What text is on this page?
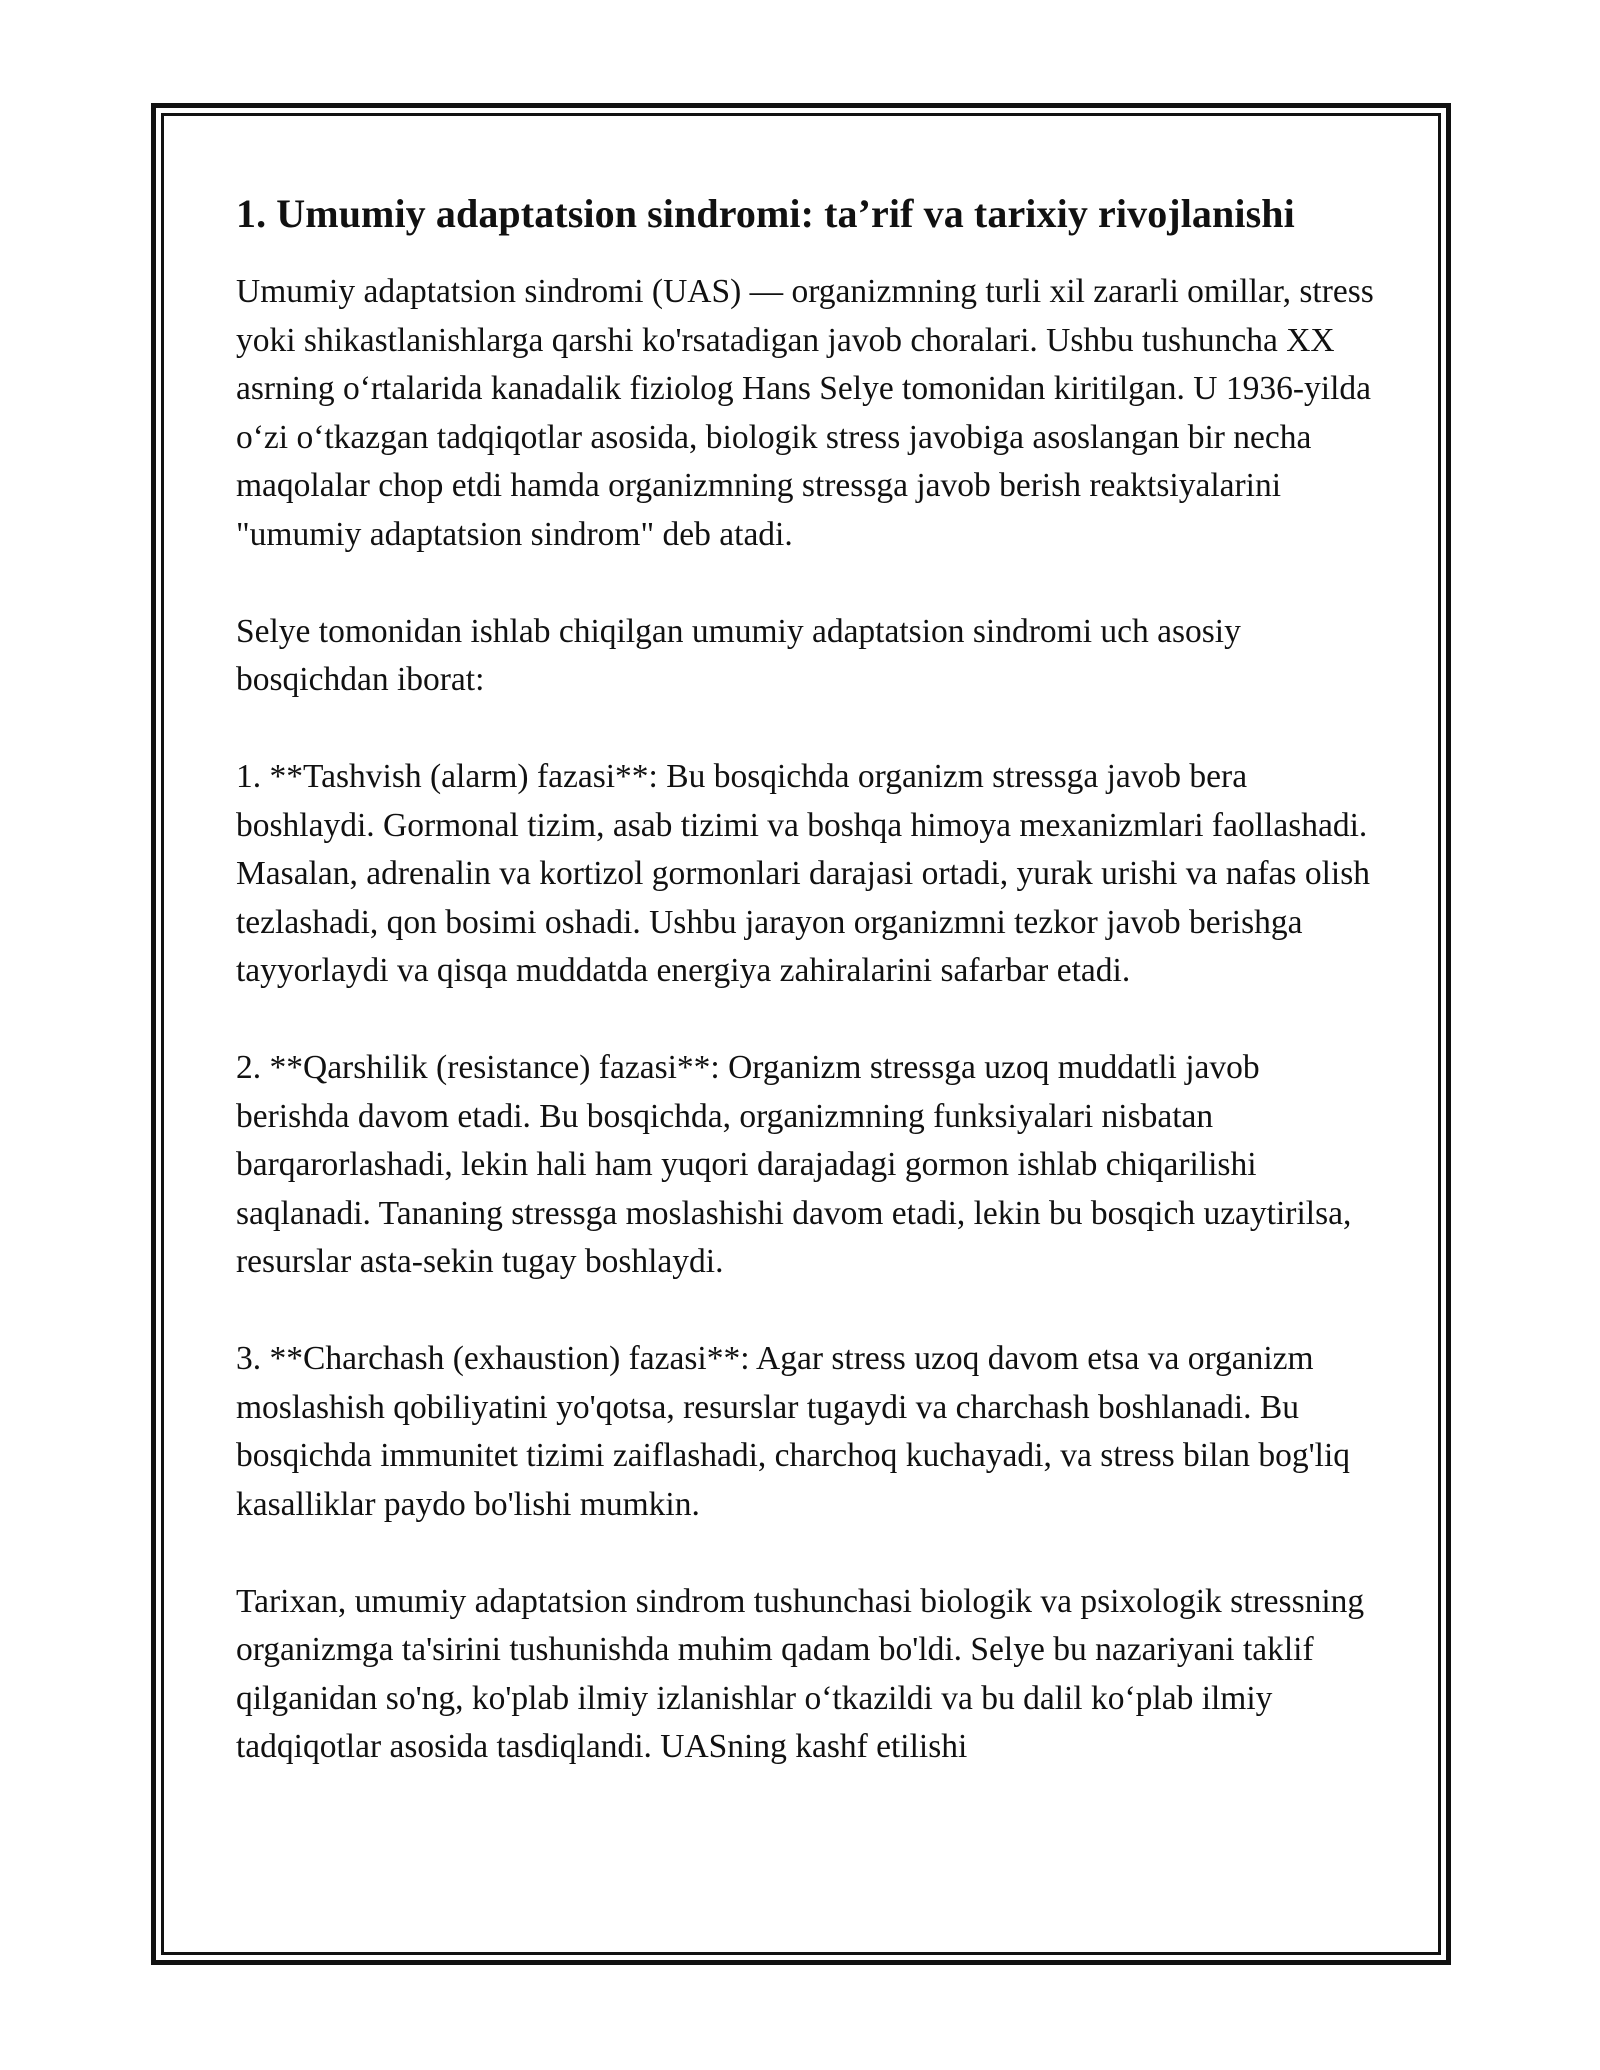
1. Umumiy adaptatsion sindromi: ta’rif va tarixiy rivojlanishi

Umumiy adaptatsion sindromi (UAS) — organizmning turli xil zararli omillar, stress yoki shikastlanishlarga qarshi ko'rsatadigan javob choralari. Ushbu tushuncha XX asrning oʻrtalarida kanadalik fiziolog Hans Selye tomonidan kiritilgan. U 1936-yilda oʻzi oʻtkazgan tadqiqotlar asosida, biologik stress javobiga asoslangan bir necha maqolalar chop etdi hamda organizmning stressga javob berish reaktsiyalarini "umumiy adaptatsion sindrom" deb atadi.

Selye tomonidan ishlab chiqilgan umumiy adaptatsion sindromi uch asosiy bosqichdan iborat:

1. **Tashvish (alarm) fazasi**: Bu bosqichda organizm stressga javob bera boshlaydi. Gormonal tizim, asab tizimi va boshqa himoya mexanizmlari faollashadi. Masalan, adrenalin va kortizol gormonlari darajasi ortadi, yurak urishi va nafas olish tezlashadi, qon bosimi oshadi. Ushbu jarayon organizmni tezkor javob berishga tayyorlaydi va qisqa muddatda energiya zahiralarini safarbar etadi.

2. **Qarshilik (resistance) fazasi**: Organizm stressga uzoq muddatli javob berishda davom etadi. Bu bosqichda, organizmning funksiyalari nisbatan barqarorlashadi, lekin hali ham yuqori darajadagi gormon ishlab chiqarilishi saqlanadi. Tananing stressga moslashishi davom etadi, lekin bu bosqich uzaytirilsa, resurslar asta-sekin tugay boshlaydi.

3. **Charchash (exhaustion) fazasi**: Agar stress uzoq davom etsa va organizm moslashish qobiliyatini yo'qotsa, resurslar tugaydi va charchash boshlanadi. Bu bosqichda immunitet tizimi zaiflashadi, charchoq kuchayadi, va stress bilan bog'liq kasalliklar paydo bo'lishi mumkin.

Tarixan, umumiy adaptatsion sindrom tushunchasi biologik va psixologik stressning organizmga ta'sirini tushunishda muhim qadam bo'ldi. Selye bu nazariyani taklif qilganidan so'ng, ko'plab ilmiy izlanishlar oʻtkazildi va bu dalil koʻplab ilmiy tadqiqotlar asosida tasdiqlandi. UASning kashf etilishi
